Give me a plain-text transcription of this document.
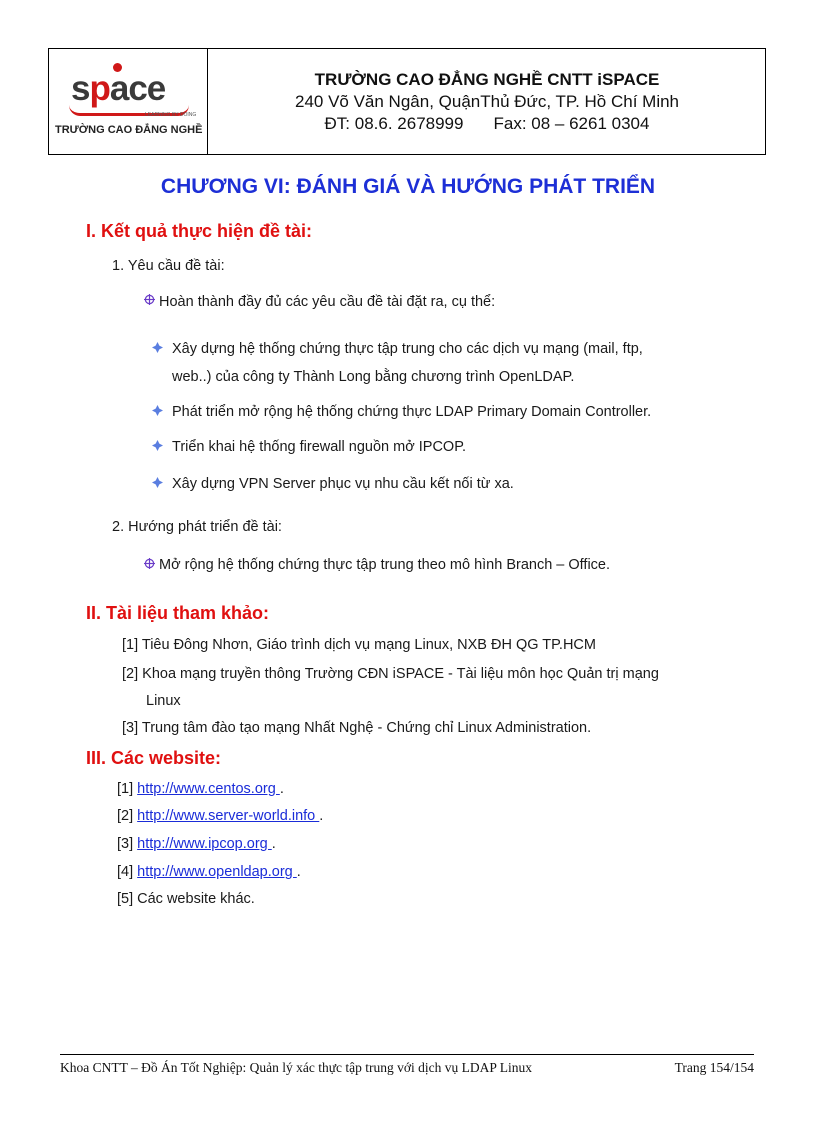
space
LEARNING BY DOING
TRƯỜNG CAO ĐẲNG NGHỀ
TRƯỜNG CAO ĐẲNG NGHỀ CNTT iSPACE
240 Võ Văn Ngân, QuậnThủ Đức, TP. Hồ Chí Minh
ĐT: 08.6. 2678999 Fax: 08 – 6261 0304
CHƯƠNG VI: ĐÁNH GIÁ VÀ HƯỚNG PHÁT TRIỂN
I. Kết quả thực hiện đề tài:
1. Yêu cầu đề tài:
Hoàn thành đầy đủ các yêu cầu đề tài đặt ra, cụ thể:
Xây dựng hệ thống chứng thực tập trung cho các dịch vụ mạng (mail, ftp,
web..) của công ty Thành Long bằng chương trình OpenLDAP.
Phát triển mở rộng hệ thống chứng thực LDAP Primary Domain Controller.
Triển khai hệ thống firewall nguồn mở IPCOP.
Xây dựng VPN Server phục vụ nhu cầu kết nối từ xa.
2. Hướng phát triển đề tài:
Mở rộng hệ thống chứng thực tập trung theo mô hình Branch – Office.
II. Tài liệu tham khảo:
[1] Tiêu Đông Nhơn, Giáo trình dịch vụ mạng Linux, NXB ĐH QG TP.HCM
[2] Khoa mạng truyền thông Trường CĐN iSPACE - Tài liệu môn học Quản trị mạng
Linux
[3] Trung tâm đào tạo mạng Nhất Nghệ - Chứng chỉ Linux Administration.
III. Các website:
[1] http://www.centos.org .
[2] http://www.server-world.info .
[3] http://www.ipcop.org .
[4] http://www.openldap.org .
[5] Các website khác.
Khoa CNTT – Đồ Án Tốt Nghiệp: Quản lý xác thực tập trung với dịch vụ LDAP Linux	Trang 154/154
